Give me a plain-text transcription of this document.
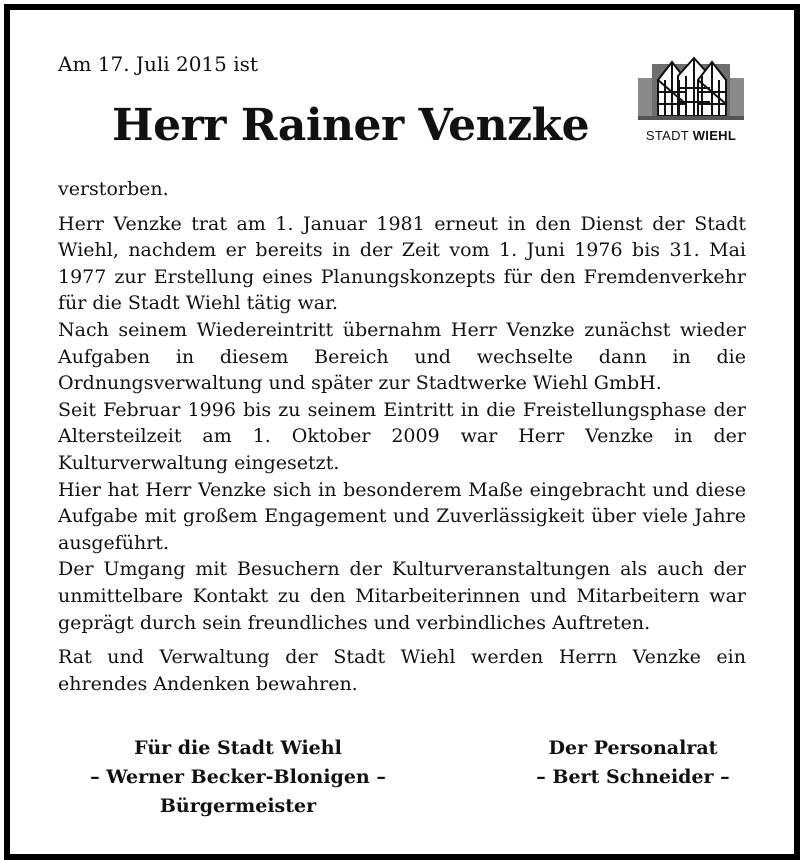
Am 17. Juli 2015 ist
Herr Rainer Venzke	STADT WIEHL

verstorben.

Herr Venzke trat am 1. Januar 1981 erneut in den Dienst der Stadt Wiehl, nachdem er bereits in der Zeit vom 1. Juni 1976 bis 31. Mai 1977 zur Erstellung eines Planungskonzepts für den Fremdenverkehr für die Stadt Wiehl tätig war.

Nach seinem Wiedereintritt übernahm Herr Venzke zunächst wieder Aufgaben in diesem Bereich und wechselte dann in die Ordnungsverwaltung und später zur Stadtwerke Wiehl GmbH.

Seit Februar 1996 bis zu seinem Eintritt in die Freistellungsphase der Altersteilzeit am 1. Oktober 2009 war Herr Venzke in der Kulturverwaltung eingesetzt.

Hier hat Herr Venzke sich in besonderem Maße eingebracht und diese Aufgabe mit großem Engagement und Zuverlässigkeit über viele Jahre ausgeführt.

Der Umgang mit Besuchern der Kulturveranstaltungen als auch der unmittelbare Kontakt zu den Mitarbeiterinnen und Mitarbeitern war geprägt durch sein freundliches und verbindliches Auftreten.

Rat und Verwaltung der Stadt Wiehl werden Herrn Venzke ein ehrendes Andenken bewahren.

Für die Stadt Wiehl
– Werner Becker-Blonigen –
Bürgermeister
Der Personalrat
– Bert Schneider –
